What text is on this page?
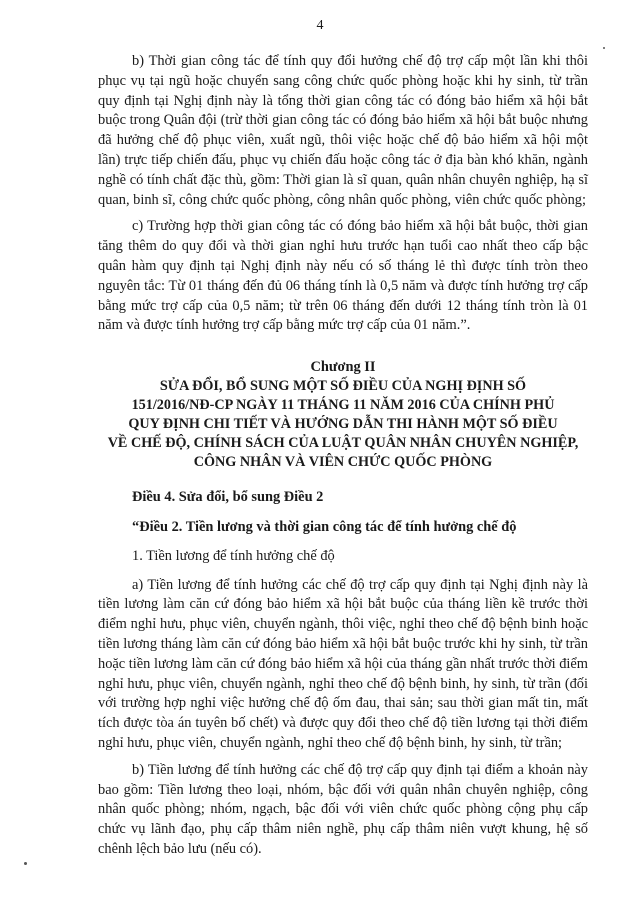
4

b) Thời gian công tác để tính quy đổi hưởng chế độ trợ cấp một lần khi thôi phục vụ tại ngũ hoặc chuyển sang công chức quốc phòng hoặc khi hy sinh, từ trần quy định tại Nghị định này là tổng thời gian công tác có đóng bảo hiểm xã hội bắt buộc trong Quân đội (trừ thời gian công tác có đóng bảo hiểm xã hội bắt buộc nhưng đã hưởng chế độ phục viên, xuất ngũ, thôi việc hoặc chế độ bảo hiểm xã hội một lần) trực tiếp chiến đấu, phục vụ chiến đấu hoặc công tác ở địa bàn khó khăn, ngành nghề có tính chất đặc thù, gồm: Thời gian là sĩ quan, quân nhân chuyên nghiệp, hạ sĩ quan, binh sĩ, công chức quốc phòng, công nhân quốc phòng, viên chức quốc phòng;

c) Trường hợp thời gian công tác có đóng bảo hiểm xã hội bắt buộc, thời gian tăng thêm do quy đổi và thời gian nghỉ hưu trước hạn tuổi cao nhất theo cấp bậc quân hàm quy định tại Nghị định này nếu có số tháng lẻ thì được tính tròn theo nguyên tắc: Từ 01 tháng đến đủ 06 tháng tính là 0,5 năm và được tính hưởng trợ cấp bằng mức trợ cấp của 0,5 năm; từ trên 06 tháng đến dưới 12 tháng tính tròn là 01 năm và được tính hưởng trợ cấp bằng mức trợ cấp của 01 năm.”.

Chương II
SỬA ĐỔI, BỔ SUNG MỘT SỐ ĐIỀU CỦA NGHỊ ĐỊNH SỐ
151/2016/NĐ-CP NGÀY 11 THÁNG 11 NĂM 2016 CỦA CHÍNH PHỦ
QUY ĐỊNH CHI TIẾT VÀ HƯỚNG DẪN THI HÀNH MỘT SỐ ĐIỀU
VỀ CHẾ ĐỘ, CHÍNH SÁCH CỦA LUẬT QUÂN NHÂN CHUYÊN NGHIỆP,
CÔNG NHÂN VÀ VIÊN CHỨC QUỐC PHÒNG

Điều 4. Sửa đổi, bổ sung Điều 2

“Điều 2. Tiền lương và thời gian công tác để tính hưởng chế độ

1. Tiền lương để tính hưởng chế độ

a) Tiền lương để tính hưởng các chế độ trợ cấp quy định tại Nghị định này là tiền lương làm căn cứ đóng bảo hiểm xã hội bắt buộc của tháng liền kề trước thời điểm nghỉ hưu, phục viên, chuyển ngành, thôi việc, nghỉ theo chế độ bệnh binh hoặc tiền lương tháng làm căn cứ đóng bảo hiểm xã hội bắt buộc trước khi hy sinh, từ trần hoặc tiền lương làm căn cứ đóng bảo hiểm xã hội của tháng gần nhất trước thời điểm nghỉ hưu, phục viên, chuyển ngành, nghỉ theo chế độ bệnh binh, hy sinh, từ trần (đối với trường hợp nghỉ việc hưởng chế độ ốm đau, thai sản; sau thời gian mất tin, mất tích được tòa án tuyên bố chết) và được quy đổi theo chế độ tiền lương tại thời điểm nghỉ hưu, phục viên, chuyển ngành, nghỉ theo chế độ bệnh binh, hy sinh, từ trần;

b) Tiền lương để tính hưởng các chế độ trợ cấp quy định tại điểm a khoản này bao gồm: Tiền lương theo loại, nhóm, bậc đối với quân nhân chuyên nghiệp, công nhân quốc phòng; nhóm, ngạch, bậc đối với viên chức quốc phòng cộng phụ cấp chức vụ lãnh đạo, phụ cấp thâm niên nghề, phụ cấp thâm niên vượt khung, hệ số chênh lệch bảo lưu (nếu có).
